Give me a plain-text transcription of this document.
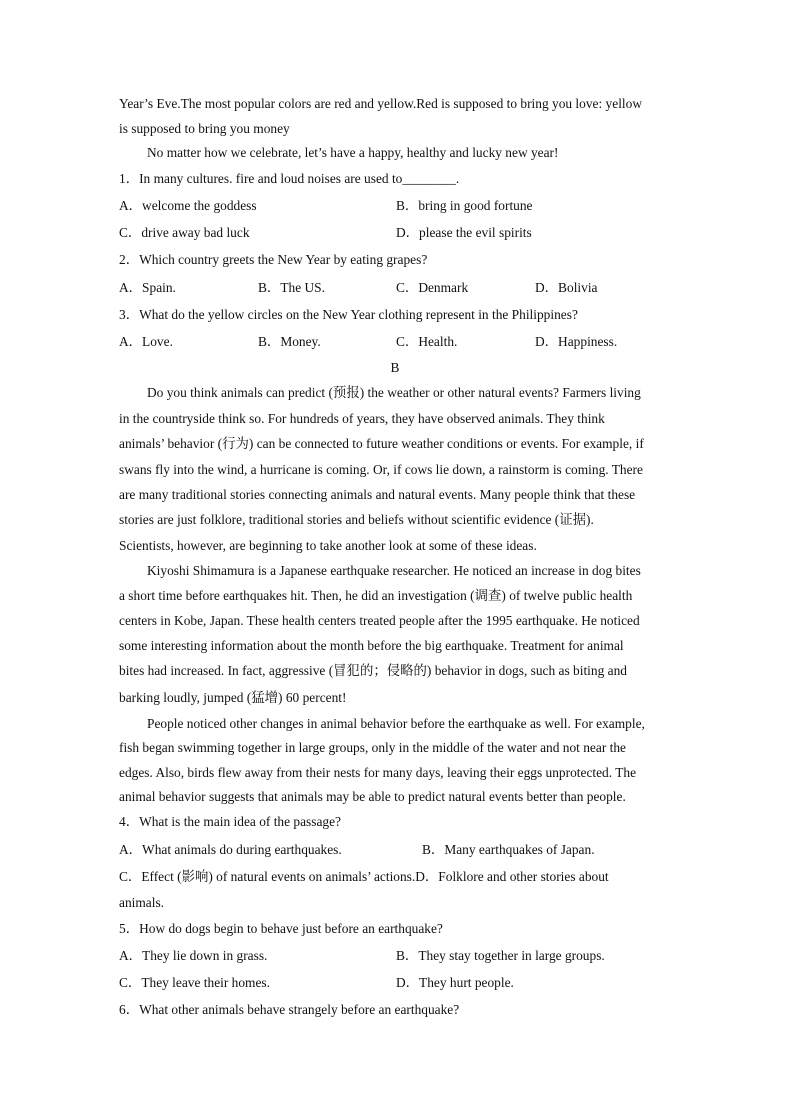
Year’s Eve.The most popular colors are red and yellow.Red is supposed to bring you love: yellow
is supposed to bring you money
No matter how we celebrate, let’s have a happy, healthy and lucky new year!
1．In many cultures. fire and loud noises are used to________.
A．welcome the goddess	B．bring in good fortune
C．drive away bad luck	D．please the evil spirits
2．Which country greets the New Year by eating grapes?
A．Spain.	B．The US.	C．Denmark	D．Bolivia
3．What do the yellow circles on the New Year clothing represent in the Philippines?
A．Love.	B．Money.	C．Health.	D．Happiness.
B
Do you think animals can predict (预报) the weather or other natural events? Farmers living
in the countryside think so. For hundreds of years, they have observed animals. They think
animals’ behavior (行为) can be connected to future weather conditions or events. For example, if
swans fly into the wind, a hurricane is coming. Or, if cows lie down, a rainstorm is coming. There
are many traditional stories connecting animals and natural events. Many people think that these
stories are just folklore, traditional stories and beliefs without scientific evidence (证据).
Scientists, however, are beginning to take another look at some of these ideas.
Kiyoshi Shimamura is a Japanese earthquake researcher. He noticed an increase in dog bites
a short time before earthquakes hit. Then, he did an investigation (调查) of twelve public health
centers in Kobe, Japan. These health centers treated people after the 1995 earthquake. He noticed
some interesting information about the month before the big earthquake. Treatment for animal
bites had increased. In fact, aggressive (冒犯的；侵略的) behavior in dogs, such as biting and
barking loudly, jumped (猛增) 60 percent!
People noticed other changes in animal behavior before the earthquake as well. For example,
fish began swimming together in large groups, only in the middle of the water and not near the
edges. Also, birds flew away from their nests for many days, leaving their eggs unprotected. The
animal behavior suggests that animals may be able to predict natural events better than people.
4．What is the main idea of the passage?
A．What animals do during earthquakes.	B．Many earthquakes of Japan.
C．Effect (影响) of natural events on animals’ actions.D．Folklore and other stories about
animals.
5．How do dogs begin to behave just before an earthquake?
A．They lie down in grass.	B．They stay together in large groups.
C．They leave their homes.	D．They hurt people.
6．What other animals behave strangely before an earthquake?
